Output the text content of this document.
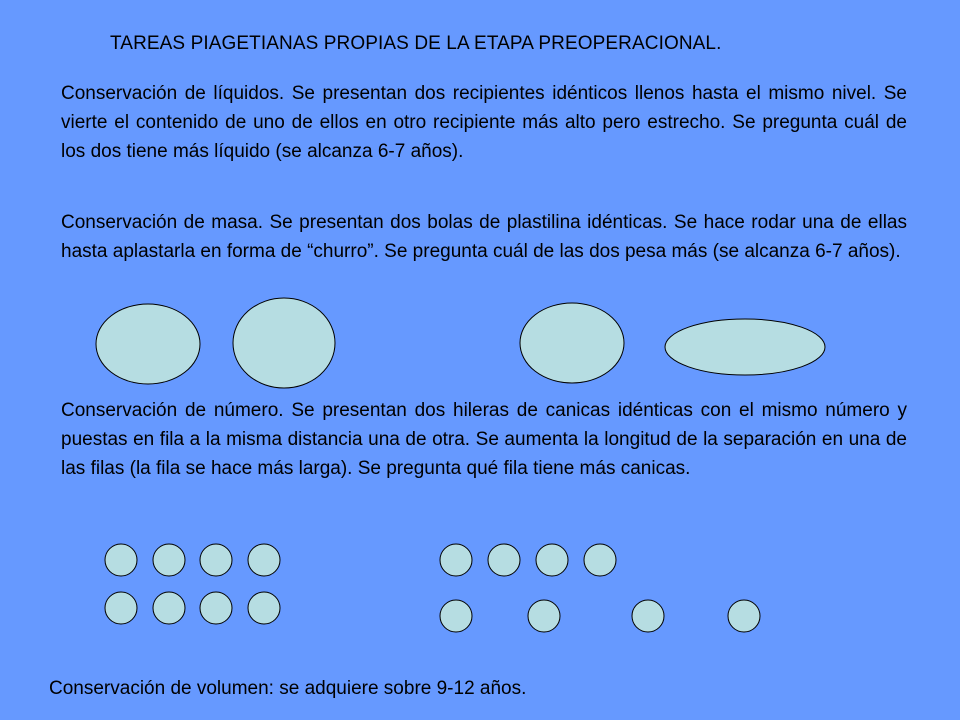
TAREAS PIAGETIANAS PROPIAS DE LA ETAPA PREOPERACIONAL.

Conservación de líquidos. Se presentan dos recipientes idénticos llenos hasta el mismo nivel. Se vierte el contenido de uno de ellos en otro recipiente más alto pero estrecho. Se pregunta cuál de los dos tiene más líquido (se alcanza 6-7 años).

Conservación de masa. Se presentan dos bolas de plastilina idénticas. Se hace rodar una de ellas hasta aplastarla en forma de “churro”. Se pregunta cuál de las dos pesa más (se alcanza 6-7 años).

Conservación de número. Se presentan dos hileras de canicas idénticas con el mismo número y puestas en fila a la misma distancia una de otra. Se aumenta la longitud de la separación en una de las filas (la fila se hace más larga). Se pregunta qué fila tiene más canicas.

Conservación de volumen: se adquiere sobre 9-12 años.
